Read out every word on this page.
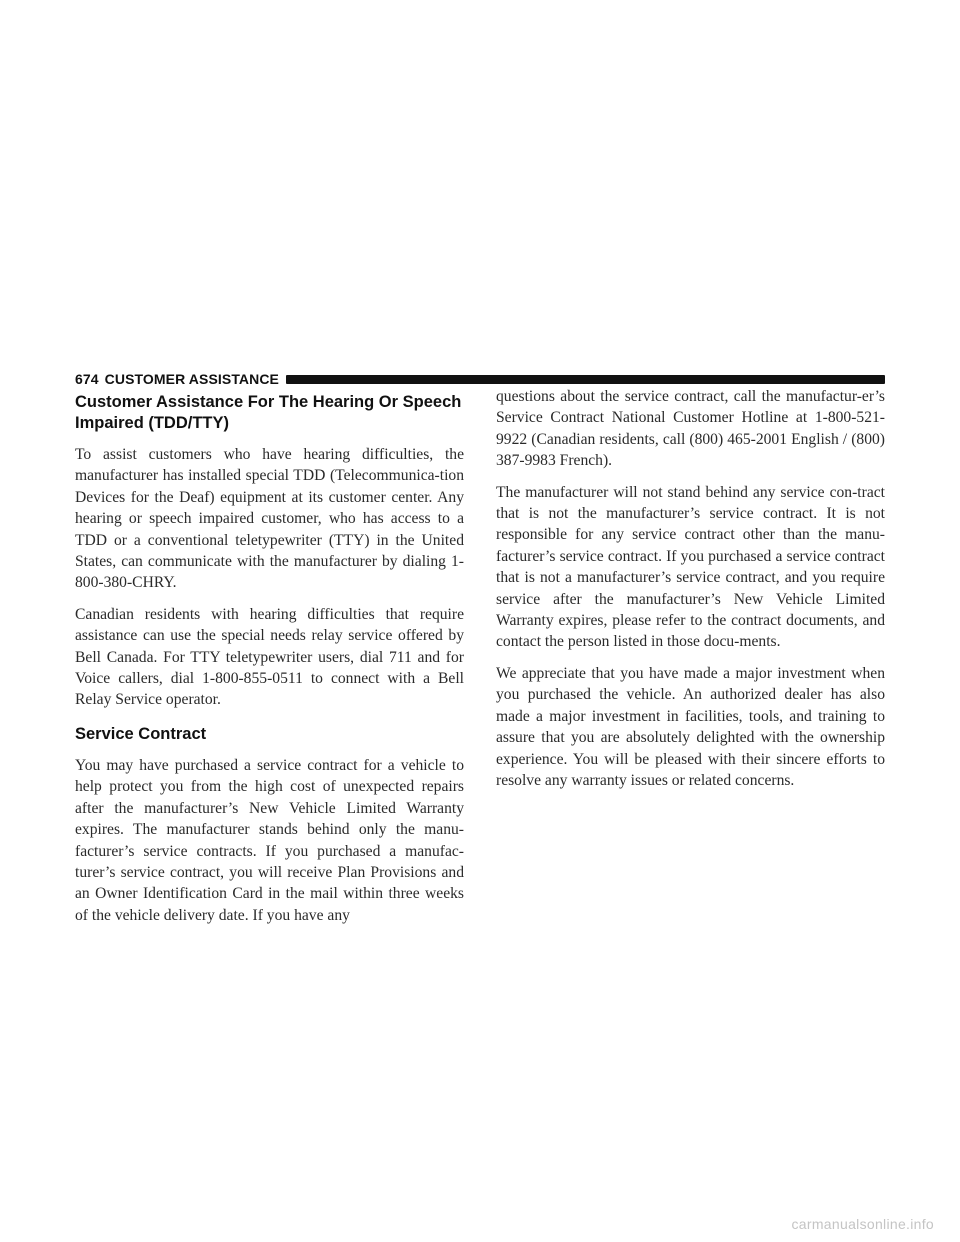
674 CUSTOMER ASSISTANCE
Customer Assistance For The Hearing Or Speech Impaired (TDD/TTY)

To assist customers who have hearing difficulties, the manufacturer has installed special TDD (Telecommunica-tion Devices for the Deaf) equipment at its customer center. Any hearing or speech impaired customer, who has access to a TDD or a conventional teletypewriter (TTY) in the United States, can communicate with the manufacturer by dialing 1-800-380-CHRY.

Canadian residents with hearing difficulties that require assistance can use the special needs relay service offered by Bell Canada. For TTY teletypewriter users, dial 711 and for Voice callers, dial 1-800-855-0511 to connect with a Bell Relay Service operator.

Service Contract

You may have purchased a service contract for a vehicle to help protect you from the high cost of unexpected repairs after the manufacturer’s New Vehicle Limited Warranty expires. The manufacturer stands behind only the manu-facturer’s service contracts. If you purchased a manufac-turer’s service contract, you will receive Plan Provisions and an Owner Identification Card in the mail within three weeks of the vehicle delivery date. If you have any

questions about the service contract, call the manufactur-er’s Service Contract National Customer Hotline at 1-800-521-9922 (Canadian residents, call (800) 465-2001 English / (800) 387-9983 French).

The manufacturer will not stand behind any service con-tract that is not the manufacturer’s service contract. It is not responsible for any service contract other than the manu-facturer’s service contract. If you purchased a service contract that is not a manufacturer’s service contract, and you require service after the manufacturer’s New Vehicle Limited Warranty expires, please refer to the contract documents, and contact the person listed in those docu-ments.

We appreciate that you have made a major investment when you purchased the vehicle. An authorized dealer has also made a major investment in facilities, tools, and training to assure that you are absolutely delighted with the ownership experience. You will be pleased with their sincere efforts to resolve any warranty issues or related concerns.

carmanualsonline.info
